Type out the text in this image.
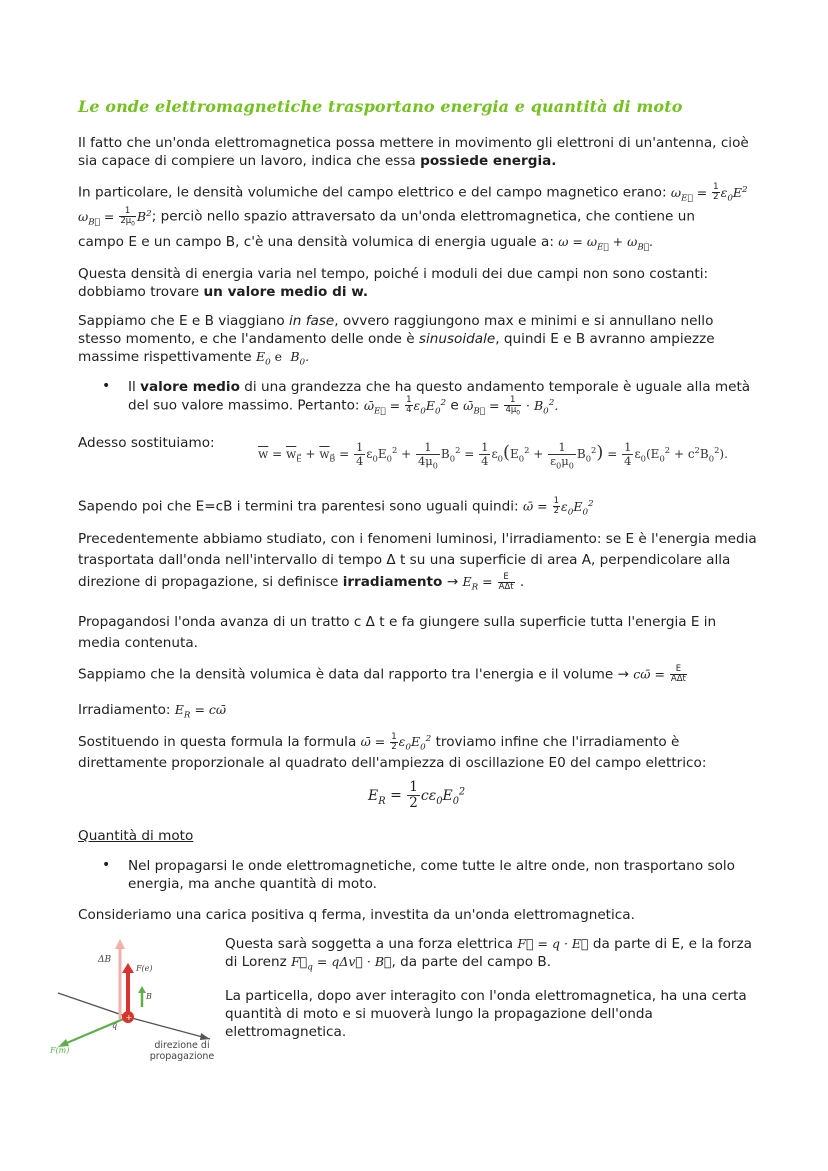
Le onde elettromagnetiche trasportano energia e quantità di moto
Il fatto che un'onda elettromagnetica possa mettere in movimento gli elettroni di un'antenna, cioè sia capace di compiere un lavoro, indica che essa possiede energia.
In particolare, le densità volumiche del campo elettrico e del campo magnetico erano: $\omega_{E⃗} = \frac{1}{2} \varepsilon_0E^2$
$\omega_{B⃗} = \frac{1}{2\mu_0} B^2$; perciò nello spazio attraversato da un'onda elettromagnetica, che contiene un
campo E e un campo B, c'è una densità volumica di energia uguale a: $\omega = \omega_{E⃗} + \omega_{B⃗}$.
Questa densità di energia varia nel tempo, poiché i moduli dei due campi non sono costanti: dobbiamo trovare un valore medio di w.
Sappiamo che E e B viaggiano in fase, ovvero raggiungono max e minimi e si annullano nello stesso momento, e che l'andamento delle onde è sinusoidale, quindi E e B avranno ampiezze massime rispettivamente $E_0$ e  $B_0$.
• Il valore medio di una grandezza che ha questo andamento temporale è uguale alla metà del suo valore massimo. Pertanto: $\omegā_{E⃗} = \frac{1}{4} \varepsilon_0E_0^2$ e $\omegā_{B⃗} = \frac{1}{4\mu_0} \cdot B_0^2$.
Adesso sostituiamo:
$\overline{w} = \overline{w}_{E⃗} + \overline{w}_{B⃗} = \frac{1}{4} \varepsilon_0E_0^2 + \frac{1}{4\mu_0} B_0^2 = \frac{1}{4} \varepsilon_0(E_0^2 + \frac{1}{\varepsilon_0\mu_0} B_0^2) = \frac{1}{4} \varepsilon_0(E_0^2 + c^2B_0^2)$.
Sapendo poi che E=cB i termini tra parentesi sono uguali quindi: ω̄ = $\frac{1}{2} \varepsilon_0E_0^2$
Precedentemente abbiamo studiato, con i fenomeni luminosi, l'irradiamento: se E è l'energia media trasportata dall'onda nell'intervallo di tempo Δ t su una superficie di area A, perpendicolare alla direzione di propagazione, si definisce irradiamento → $E_R = \frac{E}{\text{AΔt}}$ .
Propagandosi l'onda avanza di un tratto c Δ t e fa giungere sulla superficie tutta l'energia E in media contenuta.
Sappiamo che la densità volumica è data dal rapporto tra l'energia e il volume → cω̄ = $\frac{E}{\text{AΔt}}$
Irradiamento: $E_R$ = cω̄
Sostituendo in questa formula la formula ω̄ = $\frac{1}{2} \varepsilon_0E_0^2$ troviamo infine che l'irradiamento è direttamente proporzionale al quadrato dell'ampiezza di oscillazione E0 del campo elettrico:
$E_R = \frac{1}{2} c\varepsilon_0E_0^2$
Quantità di moto
• Nel propagarsi le onde elettromagnetiche, come tutte le altre onde, non trasportano solo energia, ma anche quantità di moto.
Consideriamo una carica positiva q ferma, investita da un'onda elettromagnetica.
Questa sarà soggetta a una forza elettrica F⃗ = q · E⃗ da parte di E, e la forza di Lorenz $F⃗_q$ = qΔv⃗ · B⃗, da parte del campo B.
La particella, dopo aver interagito con l'onda elettromagnetica, ha una certa quantità di moto e si muoverà lungo la propagazione dell'onda elettromagnetica.
+
ΔB
F(e)
B
q
F(m)	direzione di propagazione
